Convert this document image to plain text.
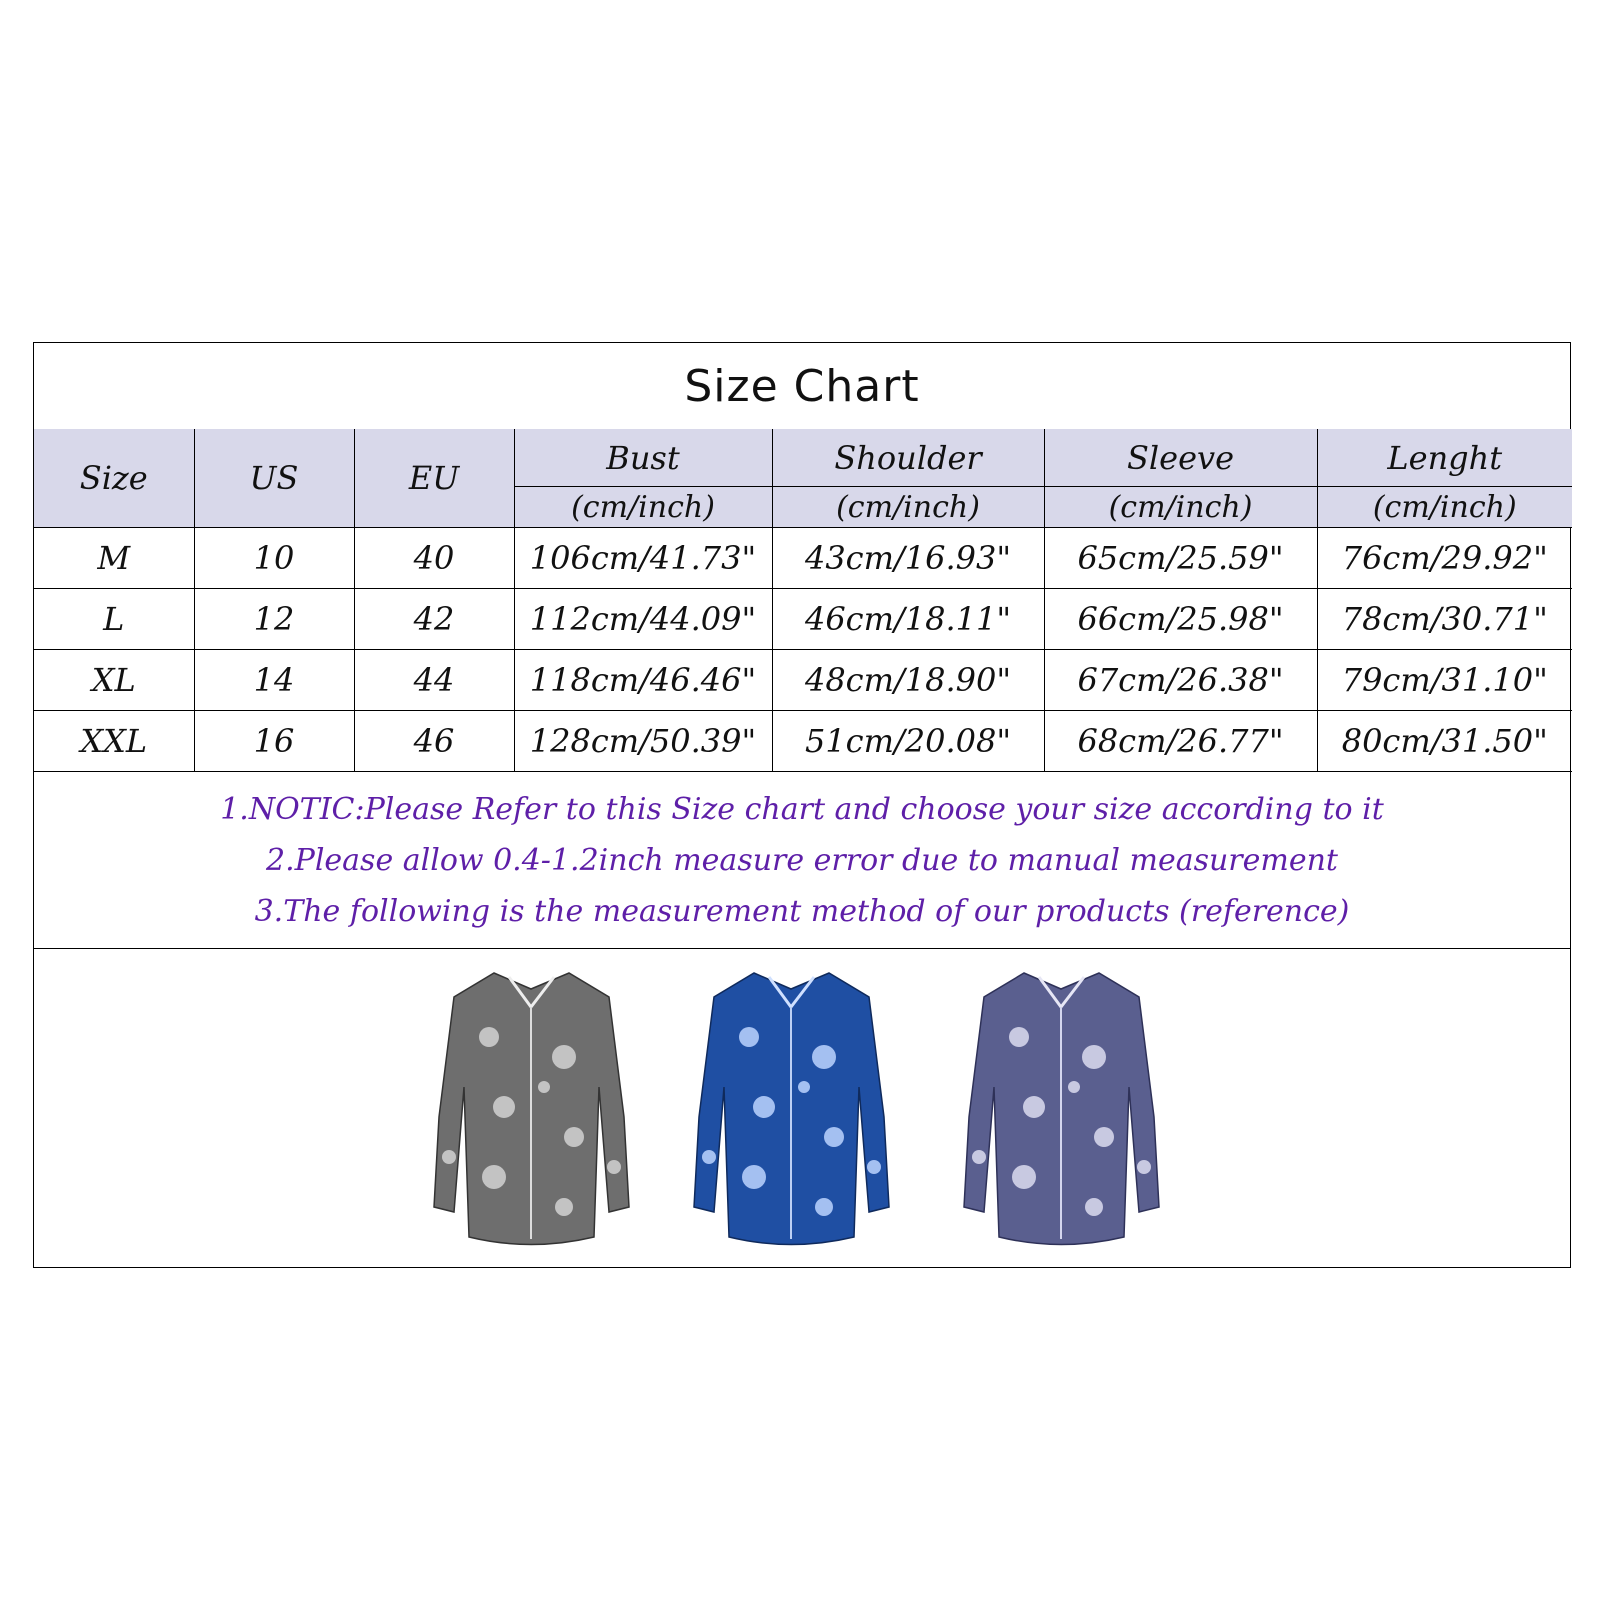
Size Chart
Size	US	EU	Bust	Shoulder	Sleeve	Lenght
			(cm/inch)	(cm/inch)	(cm/inch)	(cm/inch)
M	10	40	106cm/41.73"	43cm/16.93"	65cm/25.59"	76cm/29.92"
L	12	42	112cm/44.09"	46cm/18.11"	66cm/25.98"	78cm/30.71"
XL	14	44	118cm/46.46"	48cm/18.90"	67cm/26.38"	79cm/31.10"
XXL	16	46	128cm/50.39"	51cm/20.08"	68cm/26.77"	80cm/31.50"
1.NOTIC:Please Refer to this Size chart and choose your size according to it
2.Please allow 0.4-1.2inch measure error due to manual measurement
3.The following is the measurement method of our products (reference)
